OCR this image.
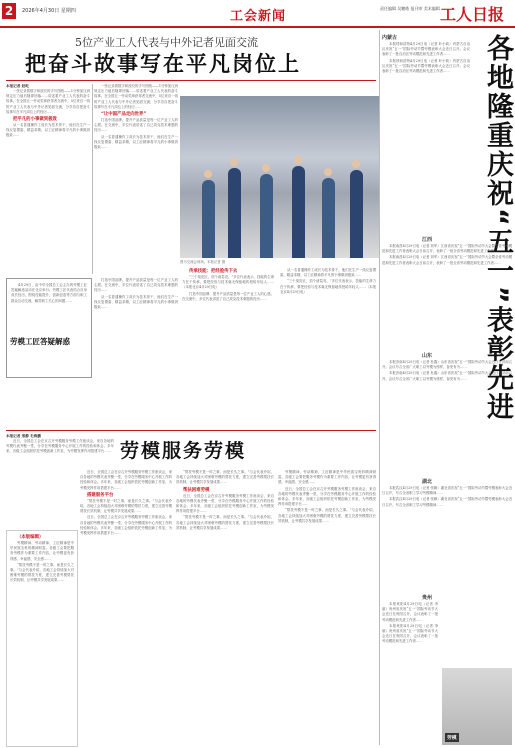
2	2026年4月30日 星期四	工会新闻
责任编辑 吴鹏皓 报刊审 美术编辑 ...
工人日报
5位产业工人代表与中外记者见面交流
把奋斗故事写在平凡岗位上
本报记者 赵屹

一张记录着数字和波纹的手写图纸——1分钟加压到规定压力值后随即回落……讲述着产业工人代表的奋斗故事。在全国五一劳动奖章获得者交流中，5位来自一线的产业工人代表与中外记者见面交流，分享各自把奋斗故事写在平凡岗位上的经历……

把平凡的小事做到极致

从一名普通操作工成长为技术骨干，他们在生产一线反复摸索、精益求精，以工匠精神将平凡的小事做到极致……

一张记录着数字和波纹的手写图纸——1分钟加压到规定压力值后随即回落……讲述着产业工人代表的奋斗故事。在全国五一劳动奖章获得者交流中，5位来自一线的产业工人代表与中外记者见面交流，分享各自把奋斗故事写在平凡岗位上的经历……

“让中国产品走向世界”

打造中国品牌、提升产品质量是每一位产业工人的心愿。在交流中，多位代表讲述了自己攻克技术难题的经历……

从一名普通操作工成长为技术骨干，他们在生产一线反复摸索、精益求精，以工匠精神将平凡的小事做到极致……

图为交流会现场。本报记者 摄

传承技能：把经验传下去

“三个臭皮匠，顶个诸葛亮。”多位代表表示，技能的生命力在于传承，要把经验与技术毫无保留地传授给年轻人……（本报北京4月29日电）

打造中国品牌、提升产品质量是每一位产业工人的心愿。在交流中，多位代表讲述了自己攻克技术难题的经历……

从一名普通操作工成长为技术骨干，他们在生产一线反复摸索、精益求精，以工匠精神将平凡的小事做到极致……

“三个臭皮匠，顶个诸葛亮。”多位代表表示，技能的生命力在于传承，要把经验与技术毫无保留地传授给年轻人……（本报北京4月29日电）

4月29日，由中华全国总工会主办的劳模工匠答疑解惑活动在北京举行。劳模工匠代表结合自身成长经历，围绕技能提升、创新创造等方面与职工群众互动交流，解答职工关心的问题……

劳模工匠答疑解惑

打造中国品牌、提升产品质量是每一位产业工人的心愿。在交流中，多位代表讲述了自己攻克技术难题的经历……

从一名普通操作工成长为技术骨干，他们在生产一线反复摸索、精益求精，以工匠精神将平凡的小事做到极致……

劳模服务劳模
本报记者 邢静 毛海鹏

近日，全国总工会在京召开劳模服务劳模工作座谈会，来自各地的劳模代表齐聚一堂，分享在劳模服务中心开展工作的经验和体会。多年来，各级工会组织依托劳模创新工作室，为劳模发挥作用搭建平台……

（本版编辑）

劳模精神、劳动精神、工匠精神是中华民族宝贵的精神财富。各级工会要把服务劳模作为重要工作内容，让劳模更有获得感、幸福感、安全感……

“帮扶劳模不是一时之事，而是长久之事。”与会代表介绍，各地工会持续加大对困难劳模的帮扶力度，建立完善劳模帮扶长效机制，让劳模共享发展成果……

近日，全国总工会在京召开劳模服务劳模工作座谈会，来自各地的劳模代表齐聚一堂，分享在劳模服务中心开展工作的经验和体会。多年来，各级工会组织依托劳模创新工作室，为劳模发挥作用搭建平台……

搭建服务平台

“帮扶劳模不是一时之事，而是长久之事。”与会代表介绍，各地工会持续加大对困难劳模的帮扶力度，建立完善劳模帮扶长效机制，让劳模共享发展成果……

近日，全国总工会在京召开劳模服务劳模工作座谈会，来自各地的劳模代表齐聚一堂，分享在劳模服务中心开展工作的经验和体会。多年来，各级工会组织依托劳模创新工作室，为劳模发挥作用搭建平台……

“帮扶劳模不是一时之事，而是长久之事。”与会代表介绍，各地工会持续加大对困难劳模的帮扶力度，建立完善劳模帮扶长效机制，让劳模共享发展成果……

帮扶困难劳模

近日，全国总工会在京召开劳模服务劳模工作座谈会，来自各地的劳模代表齐聚一堂，分享在劳模服务中心开展工作的经验和体会。多年来，各级工会组织依托劳模创新工作室，为劳模发挥作用搭建平台……

“帮扶劳模不是一时之事，而是长久之事。”与会代表介绍，各地工会持续加大对困难劳模的帮扶力度，建立完善劳模帮扶长效机制，让劳模共享发展成果……

劳模精神、劳动精神、工匠精神是中华民族宝贵的精神财富。各级工会要把服务劳模作为重要工作内容，让劳模更有获得感、幸福感、安全感……

近日，全国总工会在京召开劳模服务劳模工作座谈会，来自各地的劳模代表齐聚一堂，分享在劳模服务中心开展工作的经验和体会。多年来，各级工会组织依托劳模创新工作室，为劳模发挥作用搭建平台……

“帮扶劳模不是一时之事，而是长久之事。”与会代表介绍，各地工会持续加大对困难劳模的帮扶力度，建立完善劳模帮扶长效机制，让劳模共享发展成果……

内蒙古	各地隆重庆祝“五一”表彰先进

本报呼和浩特4月29日电（记者 叶小莉）内蒙古自治区庆祝“五一”国际劳动节暨劳模表彰大会近日召开。会议表彰了一批自治区劳动模范和先进工作者……

本报呼和浩特4月29日电（记者 叶小莉）内蒙古自治区庆祝“五一”国际劳动节暨劳模表彰大会近日召开。会议表彰了一批自治区劳动模范和先进工作者……

江西

本报南昌4月29日电（记者 刘军）江西省庆祝“五一”国际劳动节大会暨全省劳动模范和先进工作者表彰大会日前召开，表彰了一批全省劳动模范和先进工作者……

本报南昌4月29日电（记者 刘军）江西省庆祝“五一”国际劳动节大会暨全省劳动模范和先进工作者表彰大会日前召开，表彰了一批全省劳动模范和先进工作者……

山东

本报济南4月29日电（记者 杜鑫）山东省庆祝“五一”国际劳动节大会近日在济南召开。会议号召全省广大职工以劳模为榜样，奋发有为……

本报济南4月29日电（记者 杜鑫）山东省庆祝“五一”国际劳动节大会近日在济南召开。会议号召全省广大职工以劳模为榜样，奋发有为……

湖北

本报武汉4月29日电（记者 张翀）湖北省庆祝“五一”国际劳动节暨劳模表彰大会近日召开，号召全省职工学习劳模精神……

本报武汉4月29日电（记者 张翀）湖北省庆祝“五一”国际劳动节暨劳模表彰大会近日召开，号召全省职工学习劳模精神……

贵州

本报贵阳4月29日电（记者 李丽）贵州省庆祝“五一”国际劳动节大会近日在贵阳召开，会议表彰了一批劳动模范和先进工作者……

本报贵阳4月29日电（记者 李丽）贵州省庆祝“五一”国际劳动节大会近日在贵阳召开，会议表彰了一批劳动模范和先进工作者……

劳模
